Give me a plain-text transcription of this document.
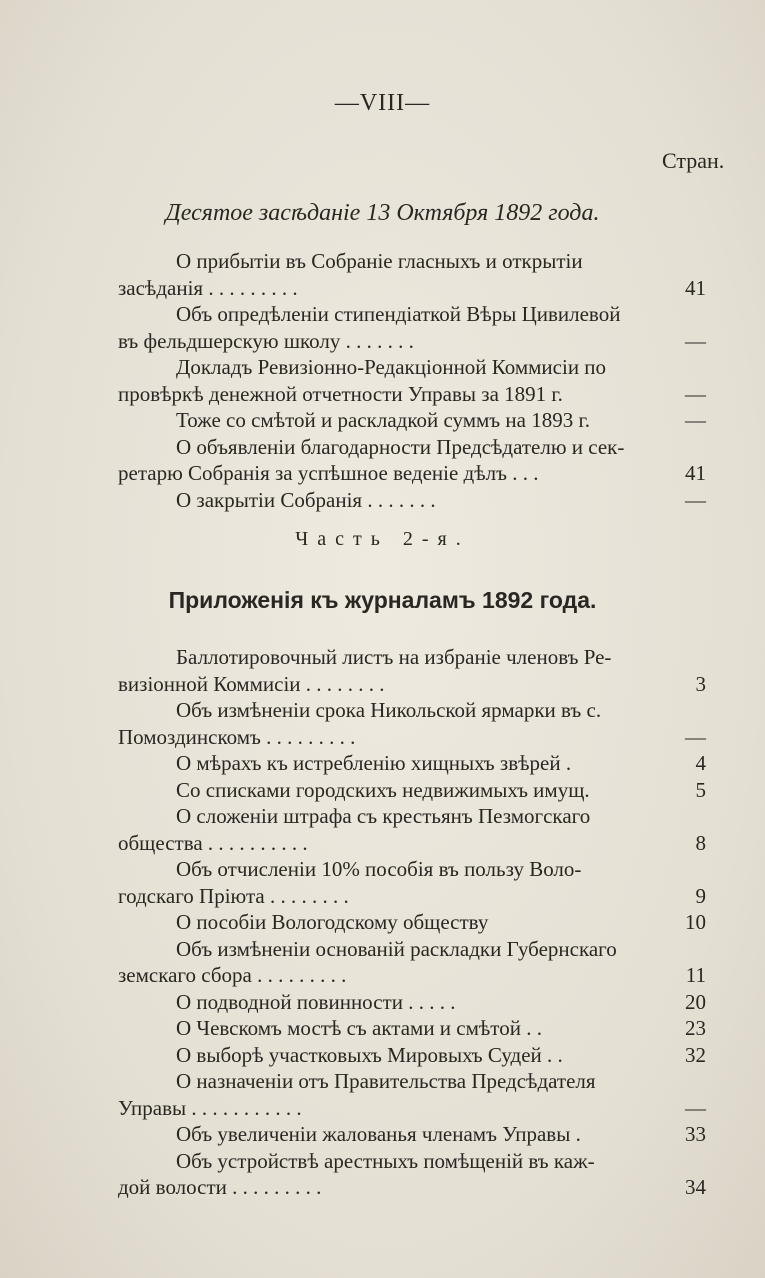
—VIII—
Стран.
Десятое засѣданіе 13 Октября 1892 года.
О прибытіи въ Собраніе гласныхъ и открытіи
засѣданія . . . . . . . . .	41
Объ опредѣленіи стипендіаткой Вѣры Цивилевой
въ фельдшерскую школу . . . . . . .	—
Докладъ Ревизіонно-Редакціонной Коммисіи по
провѣркѣ денежной отчетности Управы за 1891 г.	—
Тоже со смѣтой и раскладкой суммъ на 1893 г.	—
О объявленіи благодарности Предсѣдателю и сек-
ретарю Собранія за успѣшное веденіе дѣлъ . . .	41
О закрытіи Собранія . . . . . . .	—
Часть 2-я.
Приложенія къ журналамъ 1892 года.
Баллотировочный листъ на избраніе членовъ Ре-
визіонной Коммисіи . . . . . . . .	3
Объ измѣненіи срока Никольской ярмарки въ с.
Помоздинскомъ . . . . . . . . .	—
О мѣрахъ къ истребленію хищныхъ звѣрей .	4
Со списками городскихъ недвижимыхъ имущ.	5
О сложеніи штрафа съ крестьянъ Пезмогскаго
общества . . . . . . . . . .	8
Объ отчисленіи 10% пособія въ пользу Воло-
годскаго Пріюта . . . . . . . .	9
О пособіи Вологодскому обществу	10
Объ измѣненіи основаній раскладки Губернскаго
земскаго сбора . . . . . . . . .	11
О подводной повинности . . . . .	20
О Чевскомъ мостѣ съ актами и смѣтой . .	23
О выборѣ участковыхъ Мировыхъ Судей . .	32
О назначеніи отъ Правительства Предсѣдателя
Управы . . . . . . . . . . .	—
Объ увеличеніи жалованья членамъ Управы .	33
Объ устройствѣ арестныхъ помѣщеній въ каж-
дой волости . . . . . . . . .	34
